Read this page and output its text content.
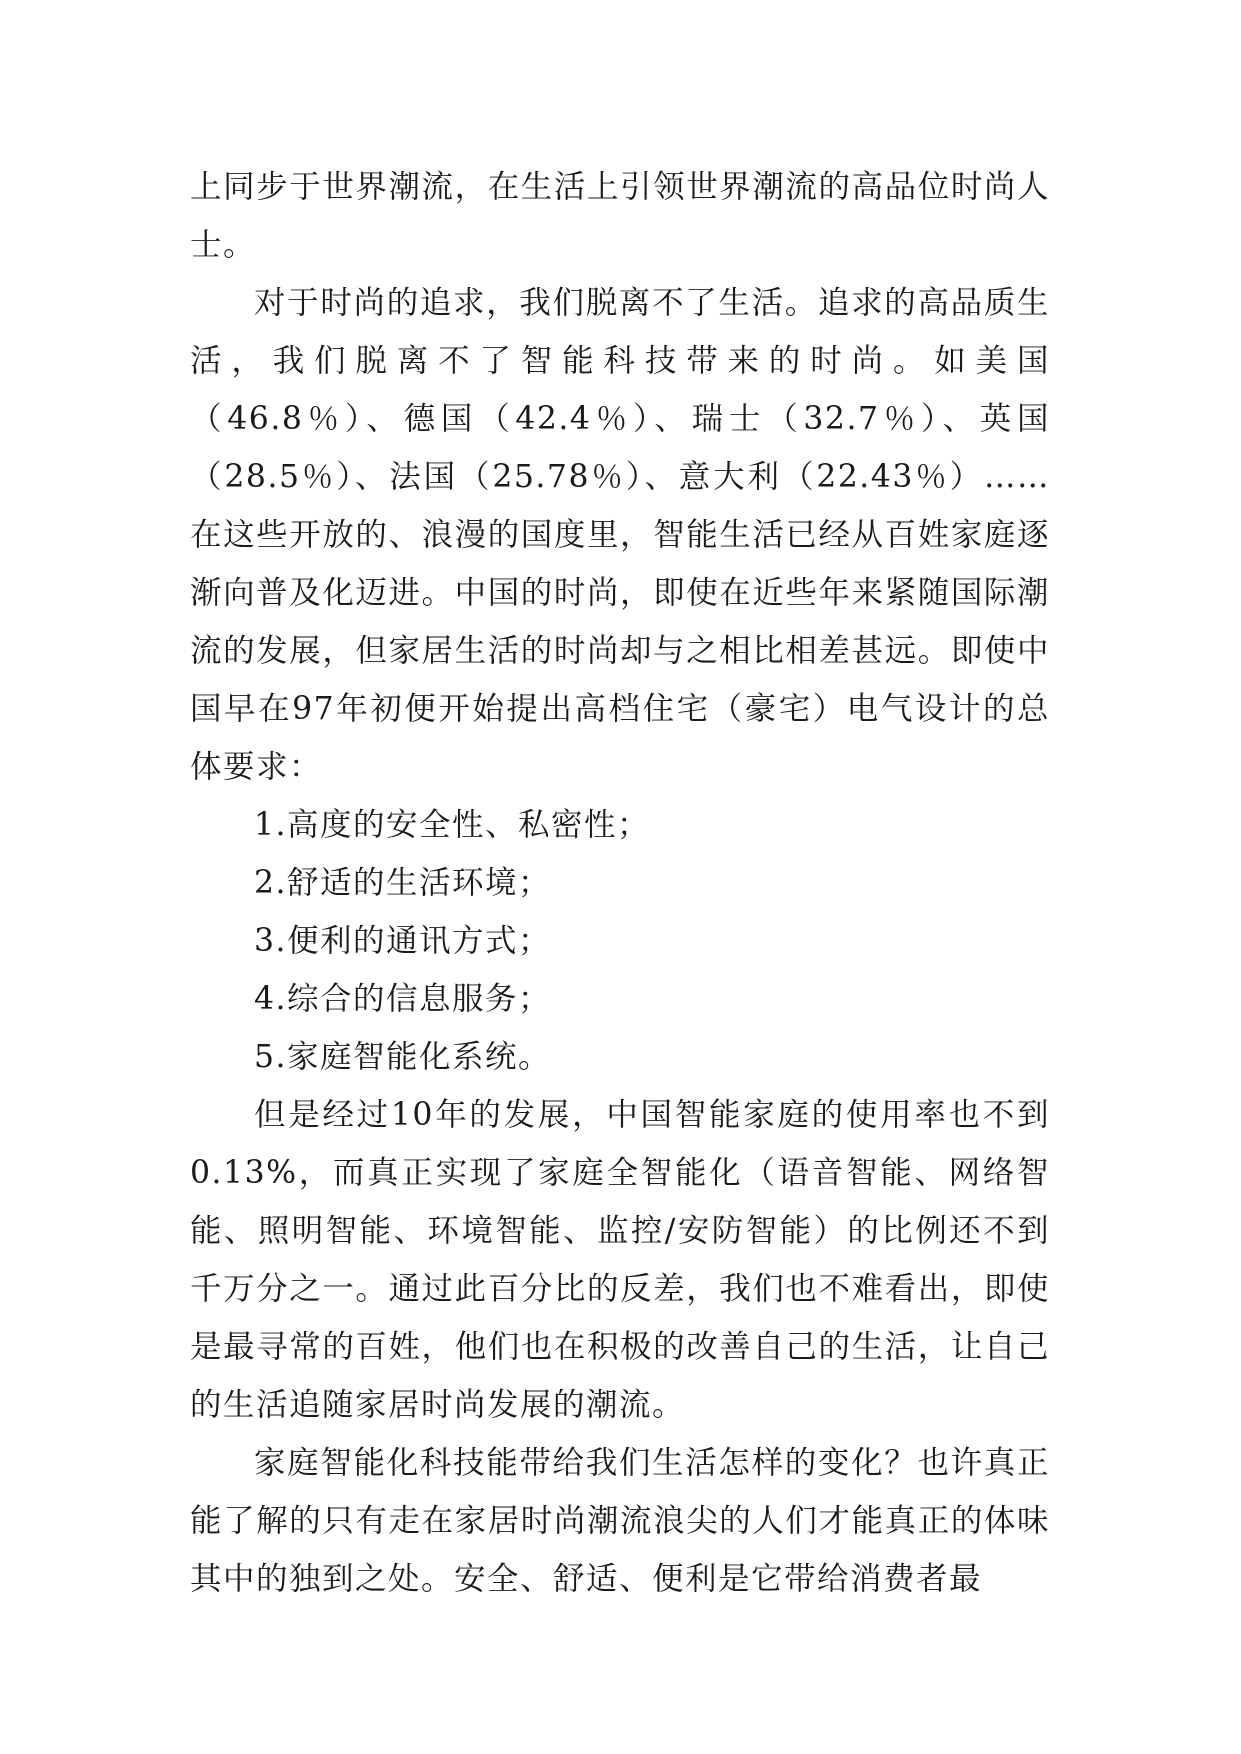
上同步于世界潮流，在生活上引领世界潮流的高品位时尚人士。

对于时尚的追求，我们脱离不了生活。追求的高品质生活，我们脱离不了智能科技带来的时尚。如美国（46.8％）、德国（42.4％）、瑞士（32.7％）、英国（28.5％）、法国（25.78％）、意大利（22.43％）……在这些开放的、浪漫的国度里，智能生活已经从百姓家庭逐渐向普及化迈进。中国的时尚，即使在近些年来紧随国际潮流的发展，但家居生活的时尚却与之相比相差甚远。即使中国早在97年初便开始提出高档住宅（豪宅）电气设计的总体要求：

1.高度的安全性、私密性；

2.舒适的生活环境；

3.便利的通讯方式；

4.综合的信息服务；

5.家庭智能化系统。

但是经过10年的发展，中国智能家庭的使用率也不到0.13%，而真正实现了家庭全智能化（语音智能、网络智能、照明智能、环境智能、监控/安防智能）的比例还不到千万分之一。通过此百分比的反差，我们也不难看出，即使是最寻常的百姓，他们也在积极的改善自己的生活，让自己的生活追随家居时尚发展的潮流。

家庭智能化科技能带给我们生活怎样的变化？也许真正能了解的只有走在家居时尚潮流浪尖的人们才能真正的体味其中的独到之处。安全、舒适、便利是它带给消费者最
